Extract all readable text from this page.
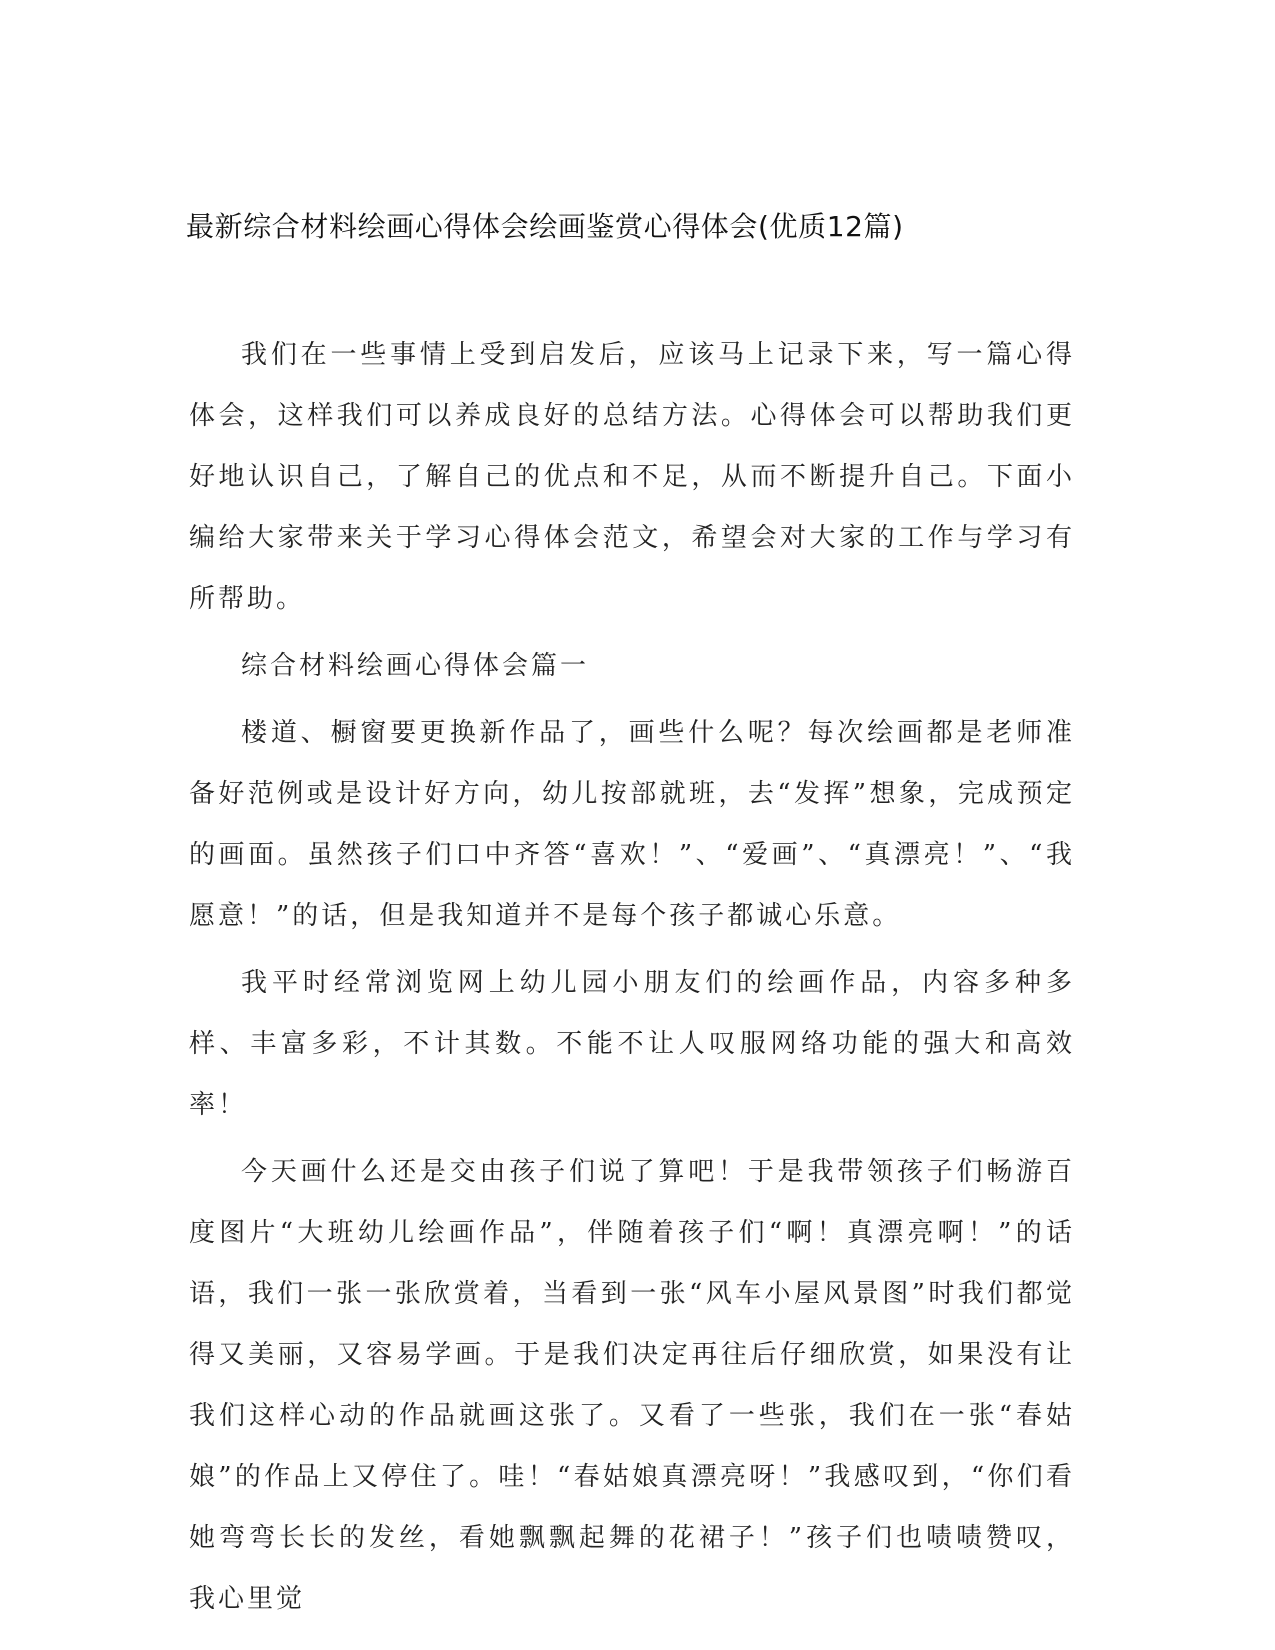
最新综合材料绘画心得体会绘画鉴赏心得体会(优质12篇)

我们在一些事情上受到启发后，应该马上记录下来，写一篇心得体会，这样我们可以养成良好的总结方法。心得体会可以帮助我们更好地认识自己，了解自己的优点和不足，从而不断提升自己。下面小编给大家带来关于学习心得体会范文，希望会对大家的工作与学习有所帮助。

综合材料绘画心得体会篇一

楼道、橱窗要更换新作品了，画些什么呢？每次绘画都是老师准备好范例或是设计好方向，幼儿按部就班，去“发挥”想象，完成预定的画面。虽然孩子们口中齐答“喜欢！”、“爱画”、“真漂亮！”、“我愿意！”的话，但是我知道并不是每个孩子都诚心乐意。

我平时经常浏览网上幼儿园小朋友们的绘画作品，内容多种多样、丰富多彩，不计其数。不能不让人叹服网络功能的强大和高效率！

今天画什么还是交由孩子们说了算吧！于是我带领孩子们畅游百度图片“大班幼儿绘画作品”，伴随着孩子们“啊！真漂亮啊！”的话语，我们一张一张欣赏着，当看到一张“风车小屋风景图”时我们都觉得又美丽，又容易学画。于是我们决定再往后仔细欣赏，如果没有让我们这样心动的作品就画这张了。又看了一些张，我们在一张“春姑娘”的作品上又停住了。哇！“春姑娘真漂亮呀！”我感叹到，“你们看她弯弯长长的发丝，看她飘飘起舞的花裙子！”孩子们也啧啧赞叹，我心里觉
